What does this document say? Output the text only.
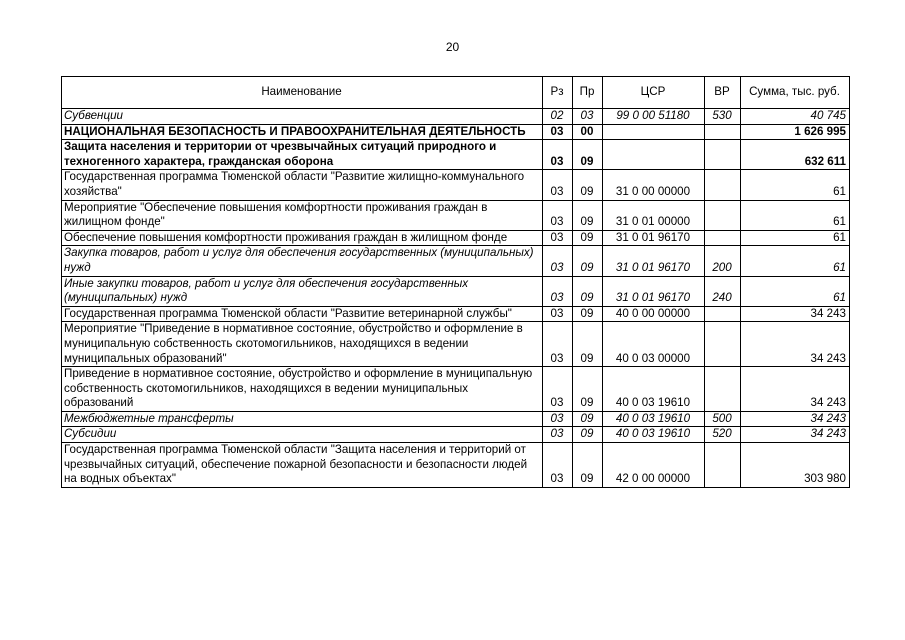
20
Наименование	Рз	Пр	ЦСР	ВР	Сумма, тыс. руб.
Субвенции	02	03	99 0 00 51180	530	40 745
НАЦИОНАЛЬНАЯ БЕЗОПАСНОСТЬ И ПРАВООХРАНИТЕЛЬНАЯ ДЕЯТЕЛЬНОСТЬ	03	00			1 626 995
Защита населения и территории от чрезвычайных ситуаций природного и техногенного характера, гражданская оборона	03	09			632 611
Государственная программа Тюменской области "Развитие жилищно-коммунального хозяйства"	03	09	31 0 00 00000		61
Мероприятие "Обеспечение повышения комфортности проживания граждан в жилищном фонде"	03	09	31 0 01 00000		61
Обеспечение повышения комфортности проживания граждан в жилищном фонде	03	09	31 0 01 96170		61
Закупка товаров, работ и услуг для обеспечения государственных (муниципальных) нужд	03	09	31 0 01 96170	200	61
Иные закупки товаров, работ и услуг для обеспечения государственных (муниципальных) нужд	03	09	31 0 01 96170	240	61
Государственная программа Тюменской области "Развитие ветеринарной службы"	03	09	40 0 00 00000		34 243
Мероприятие "Приведение в нормативное состояние, обустройство и оформление в муниципальную собственность скотомогильников, находящихся в ведении муниципальных образований"	03	09	40 0 03 00000		34 243
Приведение в нормативное состояние, обустройство и оформление в муниципальную собственность скотомогильников, находящихся в ведении муниципальных образований	03	09	40 0 03 19610		34 243
Межбюджетные трансферты	03	09	40 0 03 19610	500	34 243
Субсидии	03	09	40 0 03 19610	520	34 243
Государственная программа Тюменской области "Защита населения и территорий от чрезвычайных ситуаций, обеспечение пожарной безопасности и безопасности людей на водных объектах"	03	09	42 0 00 00000		303 980
